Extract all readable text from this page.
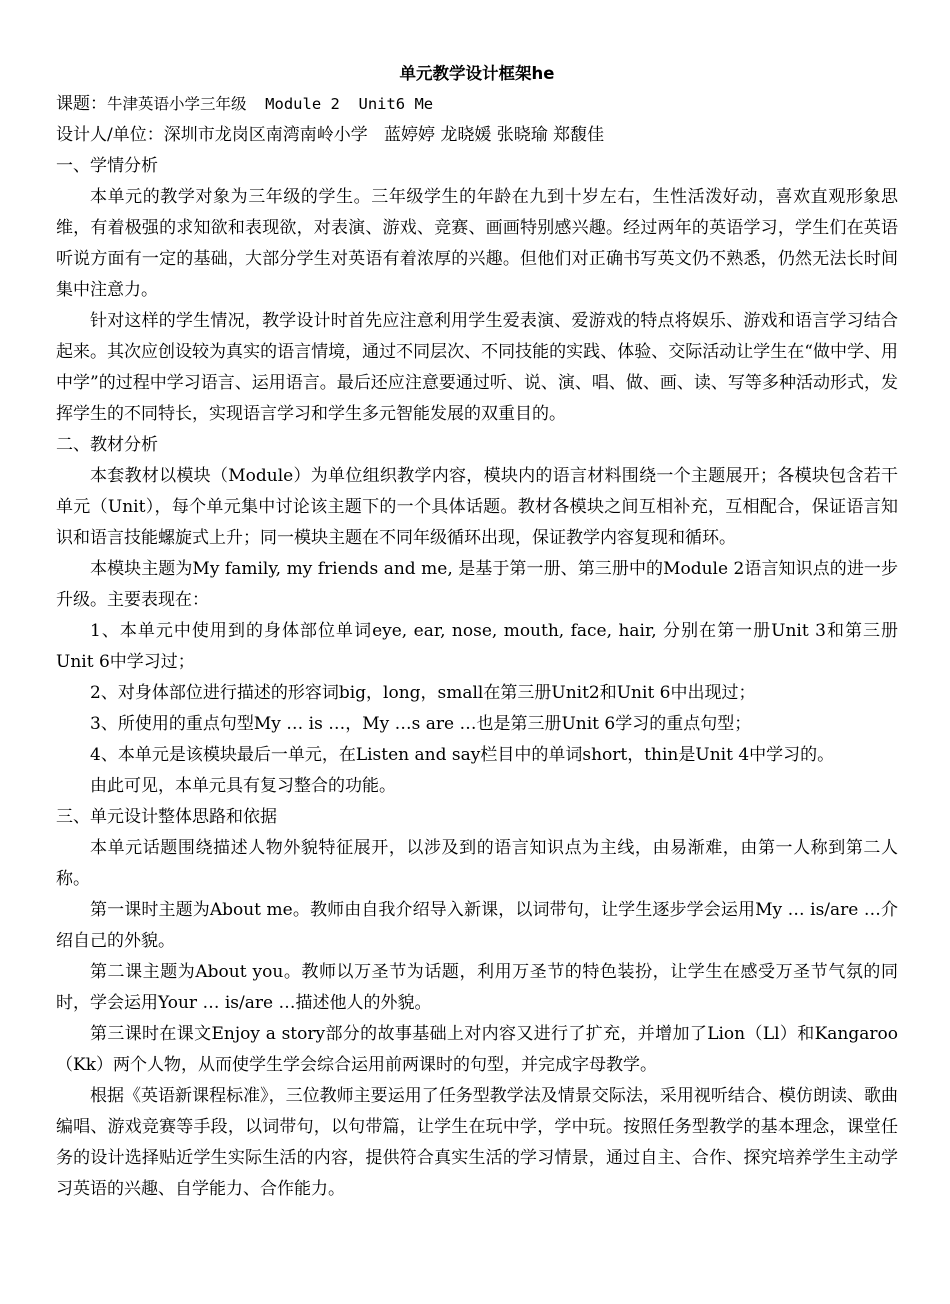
单元教学设计框架he

课题：牛津英语小学三年级  Module 2  Unit6 Me

设计人/单位：深圳市龙岗区南湾南岭小学   蓝婷婷 龙晓媛 张晓瑜 郑馥佳

一、学情分析

本单元的教学对象为三年级的学生。三年级学生的年龄在九到十岁左右，生性活泼好动，喜欢直观形象思维，有着极强的求知欲和表现欲，对表演、游戏、竞赛、画画特别感兴趣。经过两年的英语学习，学生们在英语听说方面有一定的基础，大部分学生对英语有着浓厚的兴趣。但他们对正确书写英文仍不熟悉，仍然无法长时间集中注意力。

针对这样的学生情况，教学设计时首先应注意利用学生爱表演、爱游戏的特点将娱乐、游戏和语言学习结合起来。其次应创设较为真实的语言情境，通过不同层次、不同技能的实践、体验、交际活动让学生在“做中学、用中学”的过程中学习语言、运用语言。最后还应注意要通过听、说、演、唱、做、画、读、写等多种活动形式，发挥学生的不同特长，实现语言学习和学生多元智能发展的双重目的。

二、教材分析

本套教材以模块（Module）为单位组织教学内容，模块内的语言材料围绕一个主题展开；各模块包含若干单元（Unit），每个单元集中讨论该主题下的一个具体话题。教材各模块之间互相补充，互相配合，保证语言知识和语言技能螺旋式上升；同一模块主题在不同年级循环出现，保证教学内容复现和循环。

本模块主题为My family, my friends and me, 是基于第一册、第三册中的Module 2语言知识点的进一步升级。主要表现在：

1、本单元中使用到的身体部位单词eye, ear, nose, mouth, face, hair, 分别在第一册Unit 3和第三册Unit 6中学习过；

2、对身体部位进行描述的形容词big，long，small在第三册Unit2和Unit 6中出现过；

3、所使用的重点句型My … is …，My …s are …也是第三册Unit 6学习的重点句型；

4、本单元是该模块最后一单元，在Listen and say栏目中的单词short，thin是Unit 4中学习的。

由此可见，本单元具有复习整合的功能。

三、单元设计整体思路和依据

本单元话题围绕描述人物外貌特征展开，以涉及到的语言知识点为主线，由易渐难，由第一人称到第二人称。

第一课时主题为About me。教师由自我介绍导入新课，以词带句，让学生逐步学会运用My … is/are …介绍自己的外貌。

第二课主题为About you。教师以万圣节为话题，利用万圣节的特色装扮，让学生在感受万圣节气氛的同时，学会运用Your … is/are …描述他人的外貌。

第三课时在课文Enjoy a story部分的故事基础上对内容又进行了扩充，并增加了Lion（Ll）和Kangaroo（Kk）两个人物，从而使学生学会综合运用前两课时的句型，并完成字母教学。

根据《英语新课程标准》，三位教师主要运用了任务型教学法及情景交际法，采用视听结合、模仿朗读、歌曲编唱、游戏竞赛等手段，以词带句，以句带篇，让学生在玩中学，学中玩。按照任务型教学的基本理念，课堂任务的设计选择贴近学生实际生活的内容，提供符合真实生活的学习情景，通过自主、合作、探究培养学生主动学习英语的兴趣、自学能力、合作能力。
